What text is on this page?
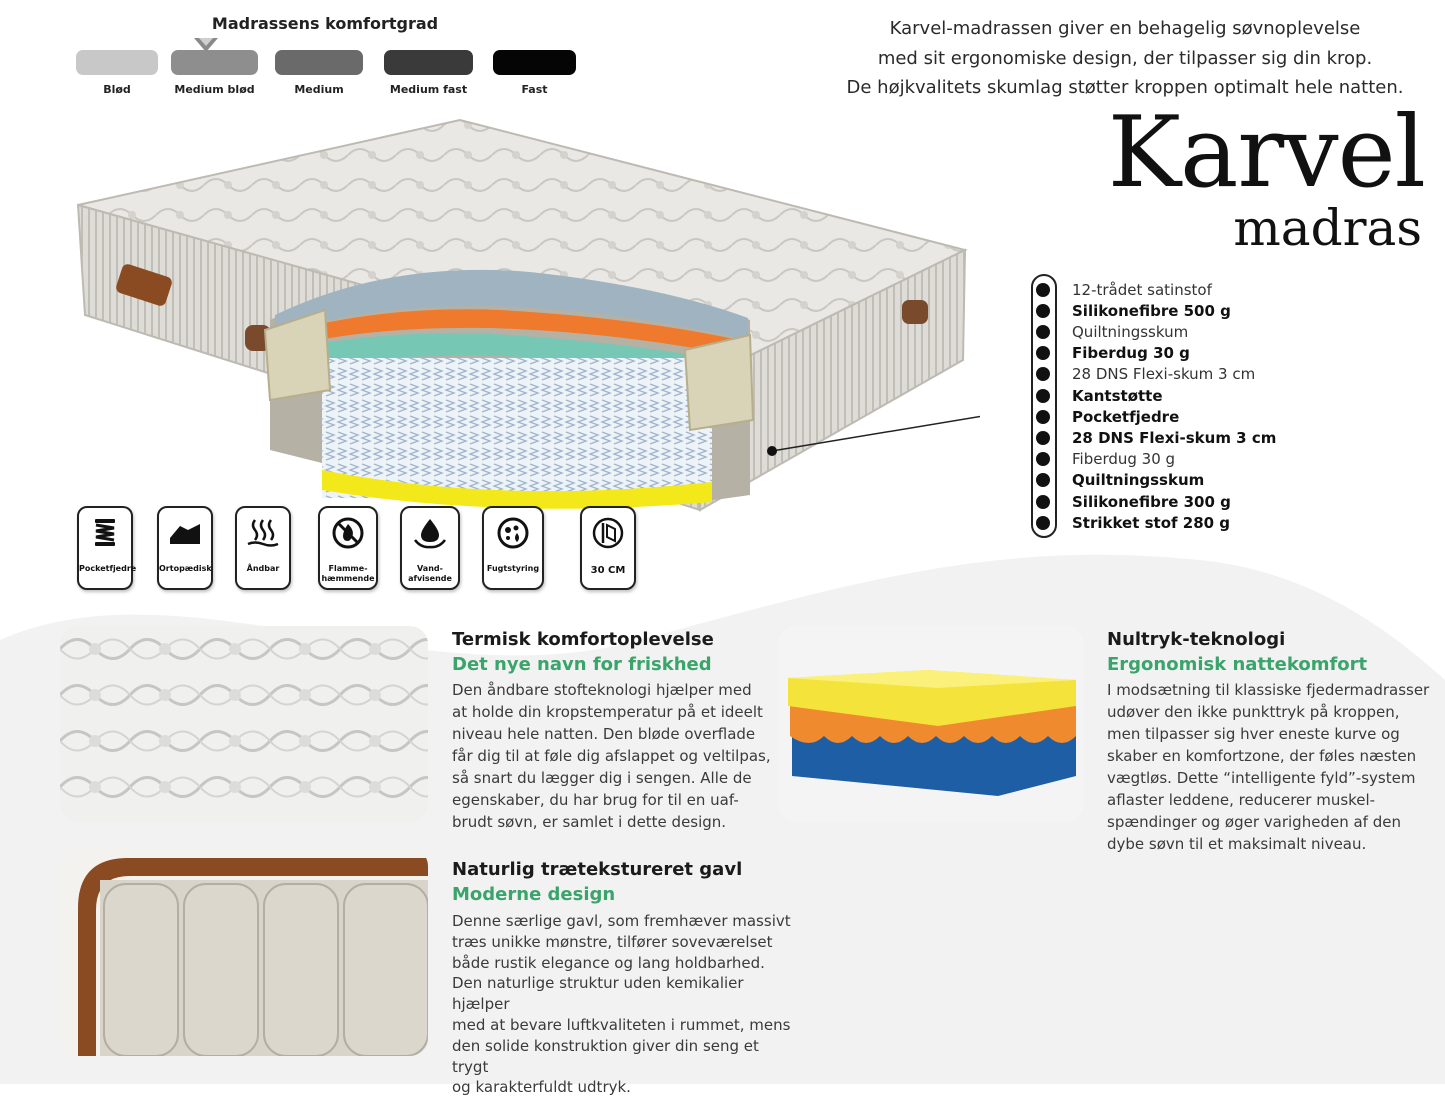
Madrassens komfortgrad
Blød	Medium blød	Medium	Medium fast	Fast

Karvel-madrassen giver en behagelig søvnoplevelse

med sit ergonomiske design, der tilpasser sig din krop.

De højkvalitets skumlag støtter kroppen optimalt hele natten.

Karvel
madras
12-trådet satinstof
Silikonefibre 500 g
Quiltningsskum
Fiberdug 30 g
28 DNS Flexi-skum 3 cm
Kantstøtte
Pocketfjedre
28 DNS Flexi-skum 3 cm
Fiberdug 30 g
Quiltningsskum
Silikonefibre 300 g
Strikket stof 280 g
Pocketfjedre	Ortopædisk	Åndbar	Flamme-
hæmmende
Vand-
afvisende
Fugtstyring	30 CM
Termisk komfortoplevelse
Det nye navn for friskhed
Den åndbare stofteknologi hjælper med
at holde din kropstemperatur på et ideelt
niveau hele natten. Den bløde overflade
får dig til at føle dig afslappet og veltilpas,
så snart du lægger dig i sengen. Alle de
egenskaber, du har brug for til en uaf-
brudt søvn, er samlet i dette design.
Nultryk-teknologi
Ergonomisk nattekomfort
I modsætning til klassiske fjedermadrasser
udøver den ikke punkttryk på kroppen,
men tilpasser sig hver eneste kurve og
skaber en komfortzone, der føles næsten
vægtløs. Dette “intelligente fyld”-system
aflaster leddene, reducerer muskel-
spændinger og øger varigheden af den
dybe søvn til et maksimalt niveau.
Naturlig trætekstureret gavl
Moderne design
Denne særlige gavl, som fremhæver massivt
træs unikke mønstre, tilfører soveværelset
både rustik elegance og lang holdbarhed.
Den naturlige struktur uden kemikalier hjælper
med at bevare luftkvaliteten i rummet, mens
den solide konstruktion giver din seng et trygt
og karakterfuldt udtryk.
